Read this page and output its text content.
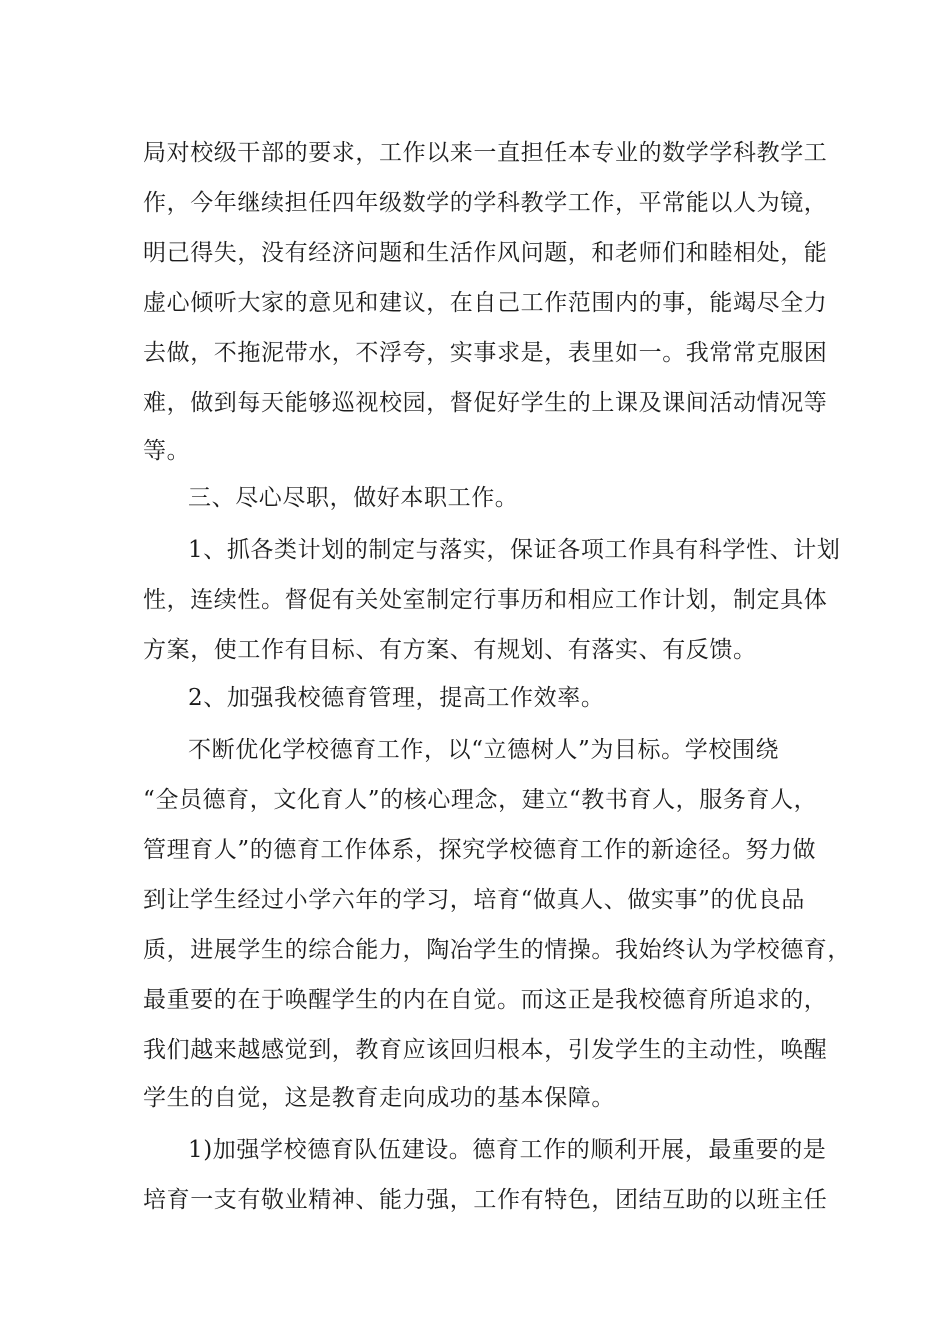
局对校级干部的要求，工作以来一直担任本专业的数学学科教学工

作，今年继续担任四年级数学的学科教学工作，平常能以人为镜，

明己得失，没有经济问题和生活作风问题，和老师们和睦相处，能

虚心倾听大家的意见和建议，在自己工作范围内的事，能竭尽全力

去做，不拖泥带水，不浮夸，实事求是，表里如一。我常常克服困

难，做到每天能够巡视校园，督促好学生的上课及课间活动情况等

等。

三、尽心尽职，做好本职工作。

1、抓各类计划的制定与落实，保证各项工作具有科学性、计划

性，连续性。督促有关处室制定行事历和相应工作计划，制定具体

方案，使工作有目标、有方案、有规划、有落实、有反馈。

2、加强我校德育管理，提高工作效率。

不断优化学校德育工作，以“立德树人”为目标。学校围绕

“全员德育，文化育人”的核心理念，建立“教书育人，服务育人，

管理育人”的德育工作体系，探究学校德育工作的新途径。努力做

到让学生经过小学六年的学习，培育“做真人、做实事”的优良品

质，进展学生的综合能力，陶冶学生的情操。我始终认为学校德育，

最重要的在于唤醒学生的内在自觉。而这正是我校德育所追求的，

我们越来越感觉到，教育应该回归根本，引发学生的主动性，唤醒

学生的自觉，这是教育走向成功的基本保障。

1)加强学校德育队伍建设。德育工作的顺利开展，最重要的是

培育一支有敬业精神、能力强，工作有特色，团结互助的以班主任
